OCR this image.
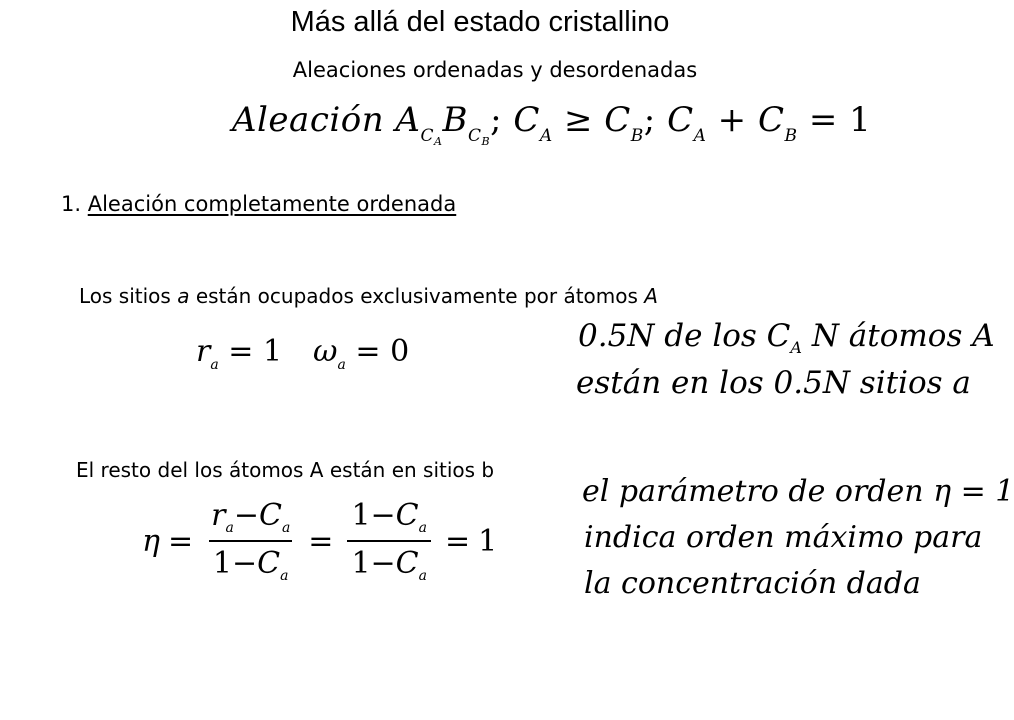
Más allá del estado cristallino
Aleaciones ordenadas y desordenadas
Aleación $A_{C_A}B_{C_B}$; $C_A \ge C_B$; $C_A + C_B = 1$
1. Aleación completamente ordenada
Los sitios a están ocupados exclusivamente por átomos A
$r_a = 1$ $\omega_a = 0$	0.5N de los $C_A$ N átomos A
están en los 0.5N sitios a
El resto del los átomos A están en sitios b
el parámetro de orden η = 1
indica orden máximo para
la concentración dada
$\eta = \frac{r_a-C_a}{1-C_a} = \frac{1-C_a}{1-C_a} = 1$
